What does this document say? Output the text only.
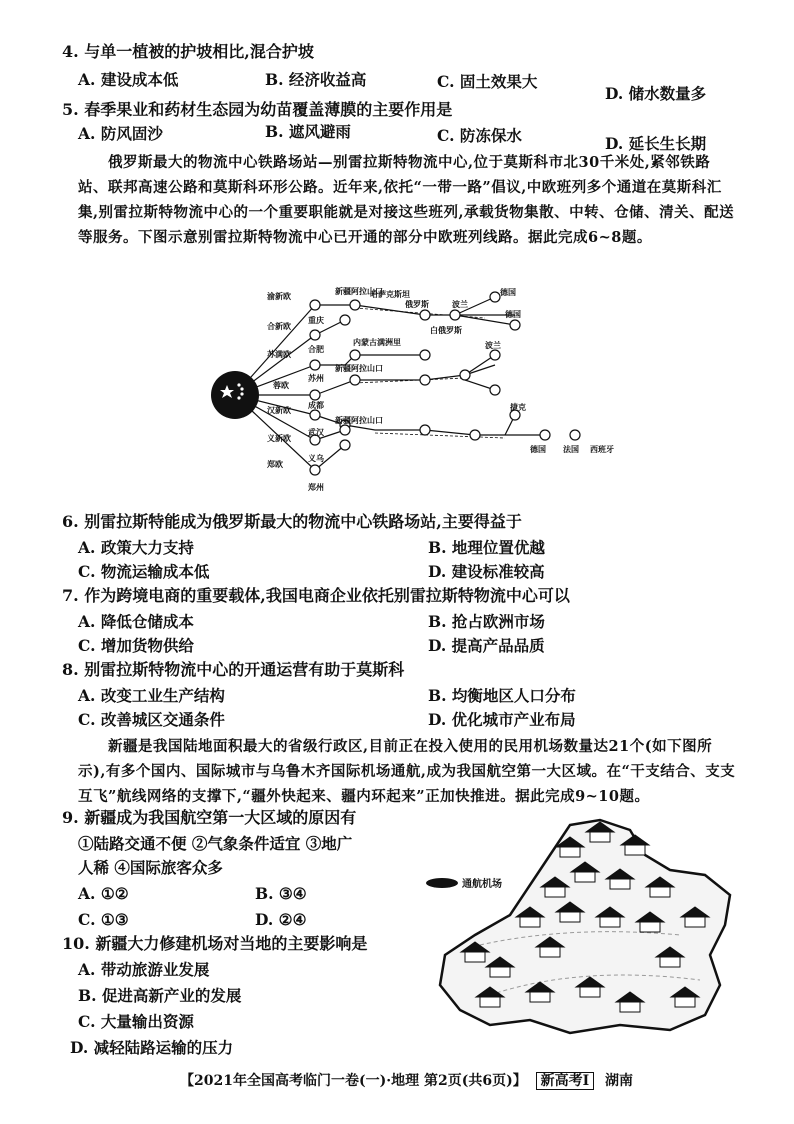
4. 与单一植被的护坡相比,混合护坡
A. 建设成本低	B. 经济收益高	C. 固土效果大
D. 储水数量多
5. 春季果业和药材生态园为幼苗覆盖薄膜的主要作用是
A. 防风固沙	B. 遮风避雨	C. 防冻保水	D. 延长生长期
俄罗斯最大的物流中心铁路场站—别雷拉斯特物流中心,位于莫斯科市北30千米处,紧邻铁路站、联邦高速公路和莫斯科环形公路。近年来,依托“一带一路”倡议,中欧班列多个通道在莫斯科汇集,别雷拉斯特物流中心的一个重要职能就是对接这些班列,承载货物集散、中转、仓储、清关、配送等服务。下图示意别雷拉斯特物流中心已开通的部分中欧班列线路。据此完成6~8题。
渝新欧
合新欧
苏满欧
蓉欧
汉新欧
义新欧
郑欧
重庆
合肥
苏州
成都
武汉
义乌
郑州
新疆阿拉山口
内蒙古满洲里
新疆阿拉山口
新疆阿拉山口
哈萨克斯坦
俄罗斯
白俄罗斯
波兰
德国
德国
波兰
捷克
德国 法国 西班牙
6. 别雷拉斯特能成为俄罗斯最大的物流中心铁路场站,主要得益于
A. 政策大力支持	B. 地理位置优越
C. 物流运输成本低	D. 建设标准较高
7. 作为跨境电商的重要载体,我国电商企业依托别雷拉斯特物流中心可以
A. 降低仓储成本	B. 抢占欧洲市场
C. 增加货物供给	D. 提高产品品质
8. 别雷拉斯特物流中心的开通运营有助于莫斯科
A. 改变工业生产结构	B. 均衡地区人口分布
C. 改善城区交通条件	D. 优化城市产业布局
新疆是我国陆地面积最大的省级行政区,目前正在投入使用的民用机场数量达21个(如下图所示),有多个国内、国际城市与乌鲁木齐国际机场通航,成为我国航空第一大区域。在“干支结合、支支互飞”航线网络的支撑下,“疆外快起来、疆内环起来”正加快推进。据此完成9~10题。
9. 新疆成为我国航空第一大区域的原因有
①陆路交通不便 ②气象条件适宜 ③地广
人稀 ④国际旅客众多
A. ①②	B. ③④
C. ①③	D. ②④
10. 新疆大力修建机场对当地的主要影响是
A. 带动旅游业发展
B. 促进高新产业的发展
C. 大量输出资源
D. 减轻陆路运输的压力
通航机场
【2021年全国高考临门一卷(一)·地理 第2页(共6页)】 新高考Ⅰ 湖南
